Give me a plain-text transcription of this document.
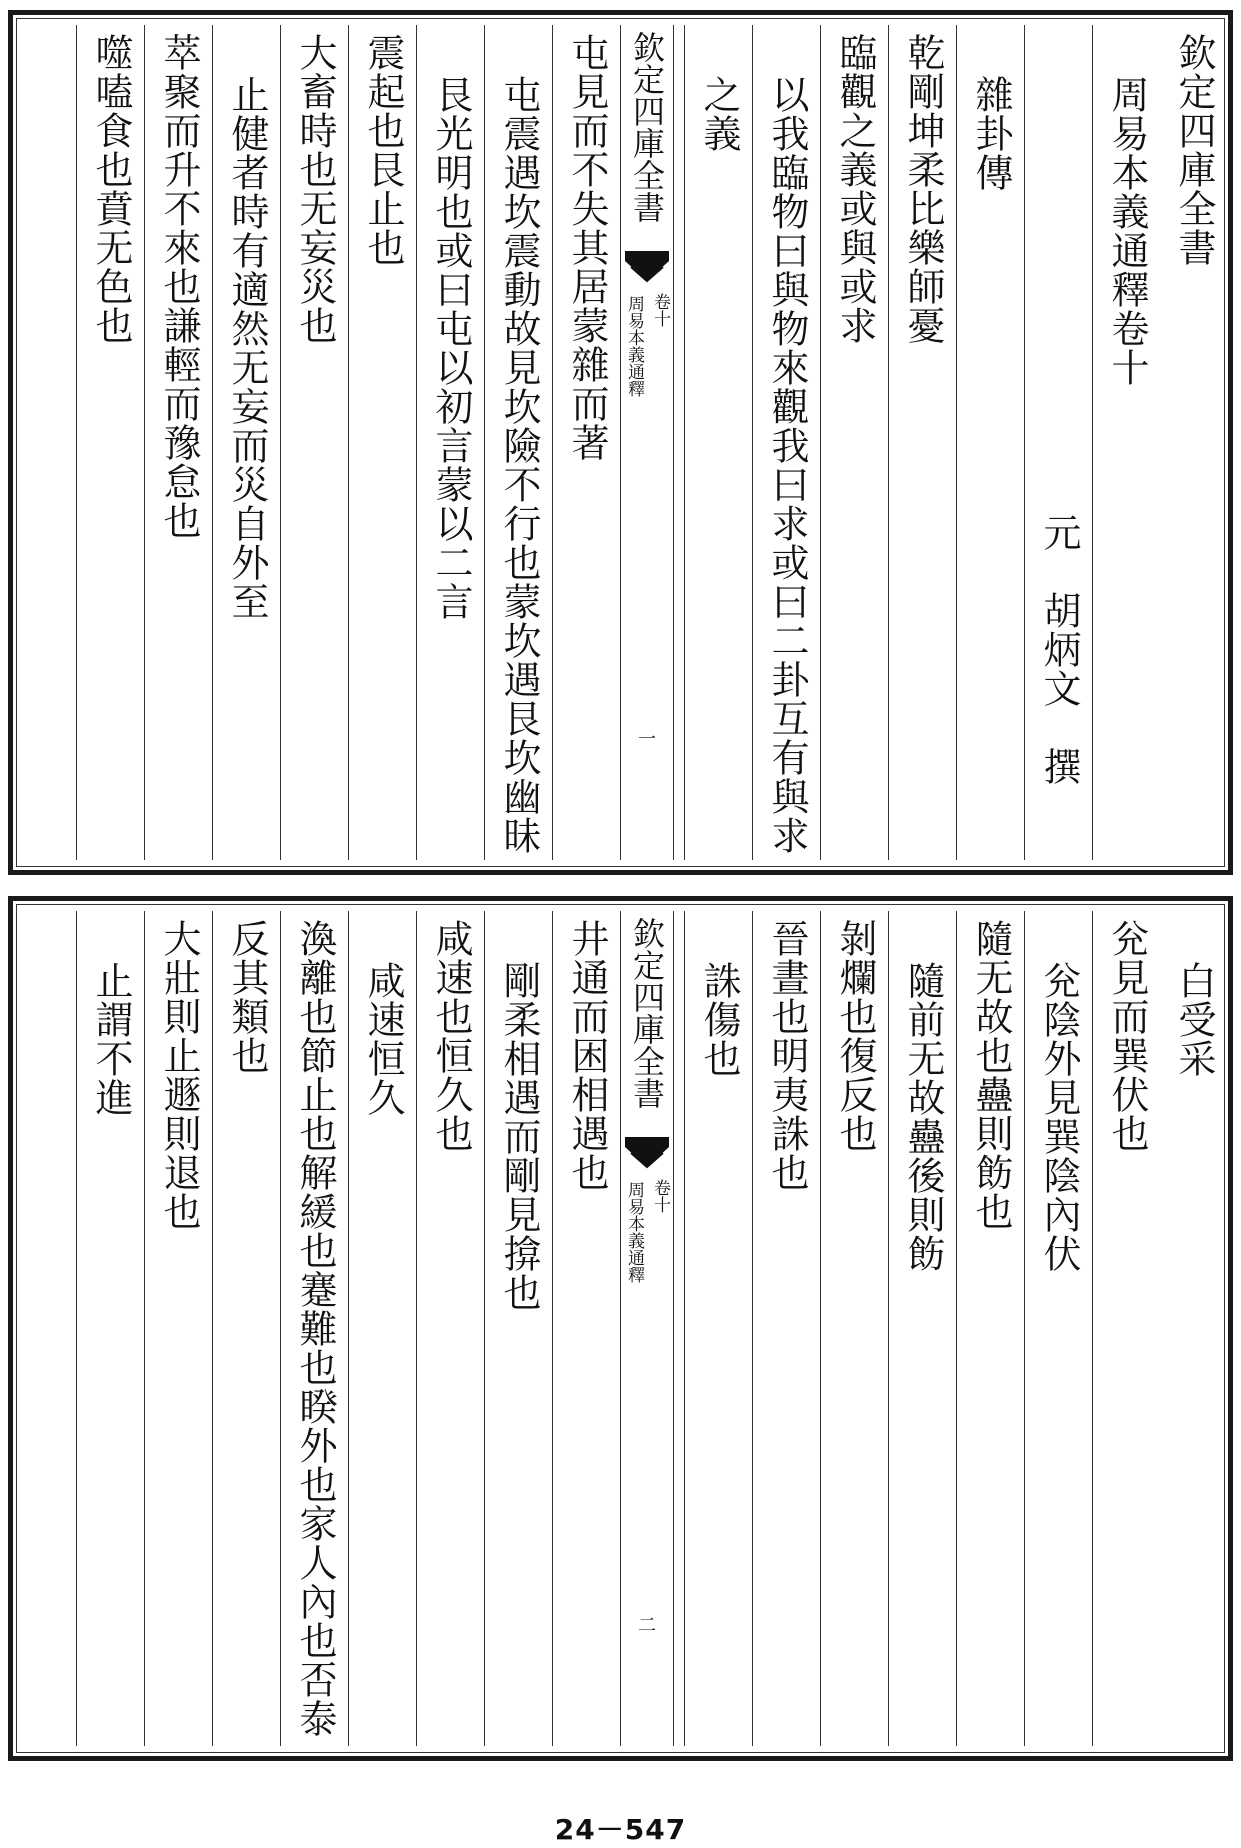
欽定四庫全書
周易本義通釋卷十
元　胡炳文　撰
雜卦傳
乾剛坤柔比樂師憂
臨觀之義或與或求
以我臨物曰與物來觀我曰求或曰二卦互有與求
之義
欽定四庫全書
周易本義通釋 卷十
一
屯見而不失其居蒙雜而著
屯震遇坎震動故見坎險不行也蒙坎遇艮坎幽昧
艮光明也或曰屯以初言蒙以二言
震起也艮止也
大畜時也无妄災也
止健者時有適然无妄而災自外至
萃聚而升不來也謙輕而豫怠也
噬嗑食也賁无色也
白受采
兊見而巽伏也
兊陰外見巽陰內伏
隨无故也蠱則飭也
隨前无故蠱後則飭
剝爛也復反也
晉晝也明夷誅也
誅傷也
欽定四庫全書
周易本義通釋 卷十
二
井通而困相遇也
剛柔相遇而剛見揜也
咸速也恒久也
咸速恒久
渙離也節止也解緩也蹇難也睽外也家人內也否泰
反其類也
大壯則止遯則退也
止謂不進
24－547
